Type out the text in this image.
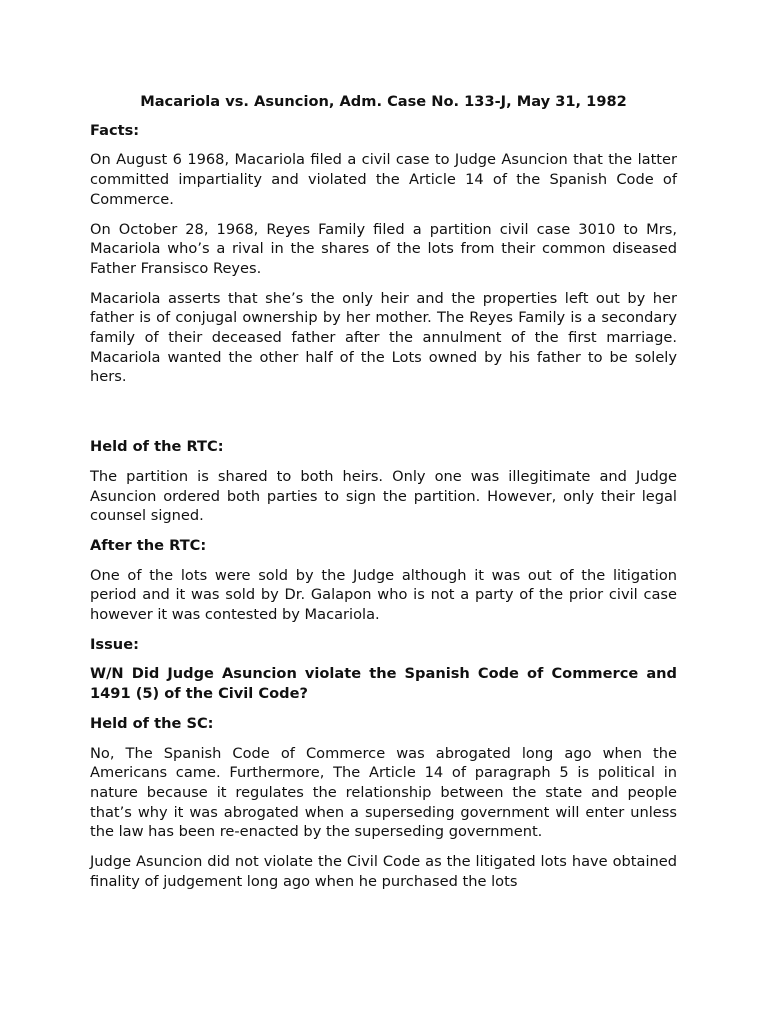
Macariola vs. Asuncion, Adm. Case No. 133-J, May 31, 1982

Facts:

On August 6 1968, Macariola filed a civil case to Judge Asuncion that the latter committed impartiality and violated the Article 14 of the Spanish Code of Commerce.

On October 28, 1968, Reyes Family filed a partition civil case 3010 to Mrs, Macariola who’s a rival in the shares of the lots from their common diseased Father Fransisco Reyes.

Macariola asserts that she’s the only heir and the properties left out by her father is of conjugal ownership by her mother. The Reyes Family is a secondary family of their deceased father after the annulment of the first marriage. Macariola wanted the other half of the Lots owned by his father to be solely hers.

Held of the RTC:

The partition is shared to both heirs. Only one was illegitimate and Judge Asuncion ordered both parties to sign the partition. However, only their legal counsel signed.

After the RTC:

One of the lots were sold by the Judge although it was out of the litigation period and it was sold by Dr. Galapon who is not a party of the prior civil case however it was contested by Macariola.

Issue:

W/N Did Judge Asuncion violate the Spanish Code of Commerce and 1491 (5) of the Civil Code?

Held of the SC:

No, The Spanish Code of Commerce was abrogated long ago when the Americans came. Furthermore, The Article 14 of paragraph 5 is political in nature because it regulates the relationship between the state and people that’s why it was abrogated when a superseding government will enter unless the law has been re-enacted by the superseding government.

Judge Asuncion did not violate the Civil Code as the litigated lots have obtained finality of judgement long ago when he purchased the lots
